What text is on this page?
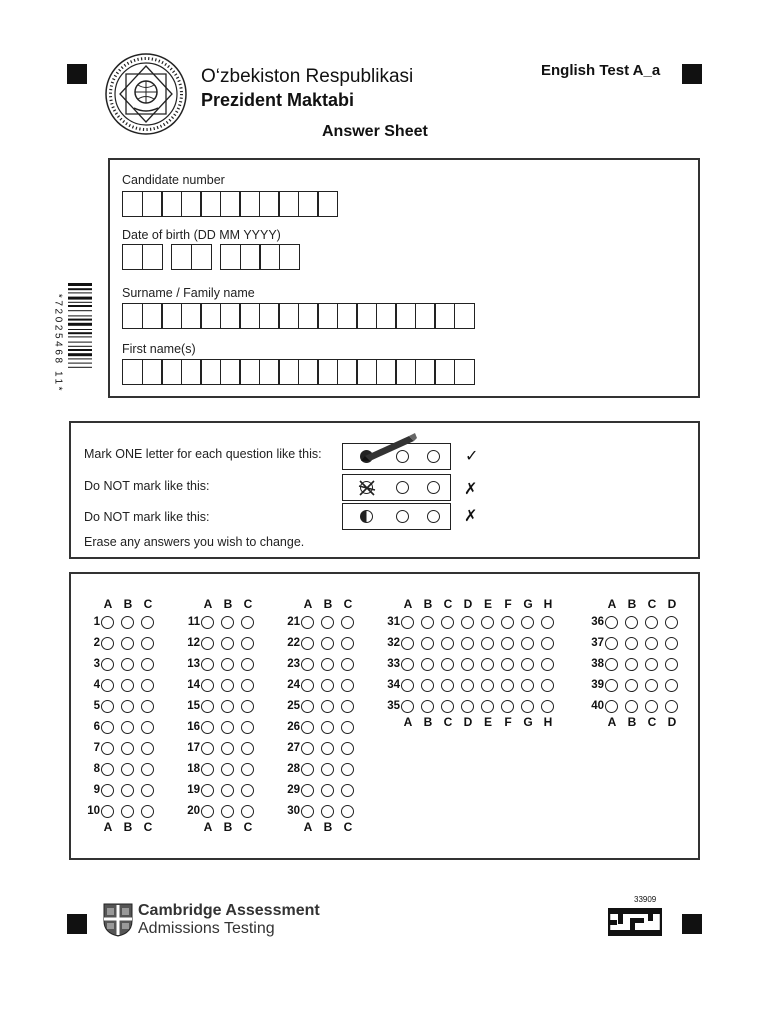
O‘zbekiston Respublikasi
Prezident Maktabi
English Test A_a
Answer Sheet
*72025468 11*
Candidate number
Date of birth (DD MM YYYY)
Surname / Family name
First name(s)
Mark ONE letter for each question like this:
Do NOT mark like this:
Do NOT mark like this:
Erase any answers you wish to change.
✓
✗
✗
A B C
1
2
3
4
5
6
7
8
9
10
A B C
A B C
11
12
13
14
15
16
17
18
19
20
A B C
A B C
21
22
23
24
25
26
27
28
29
30
A B C
A B C D E	F G H
31
32
33
34
35
A B C D E	F G H
A B C D
36
37
38
39
40
A B C D
Cambridge Assessment
Admissions Testing
33909
